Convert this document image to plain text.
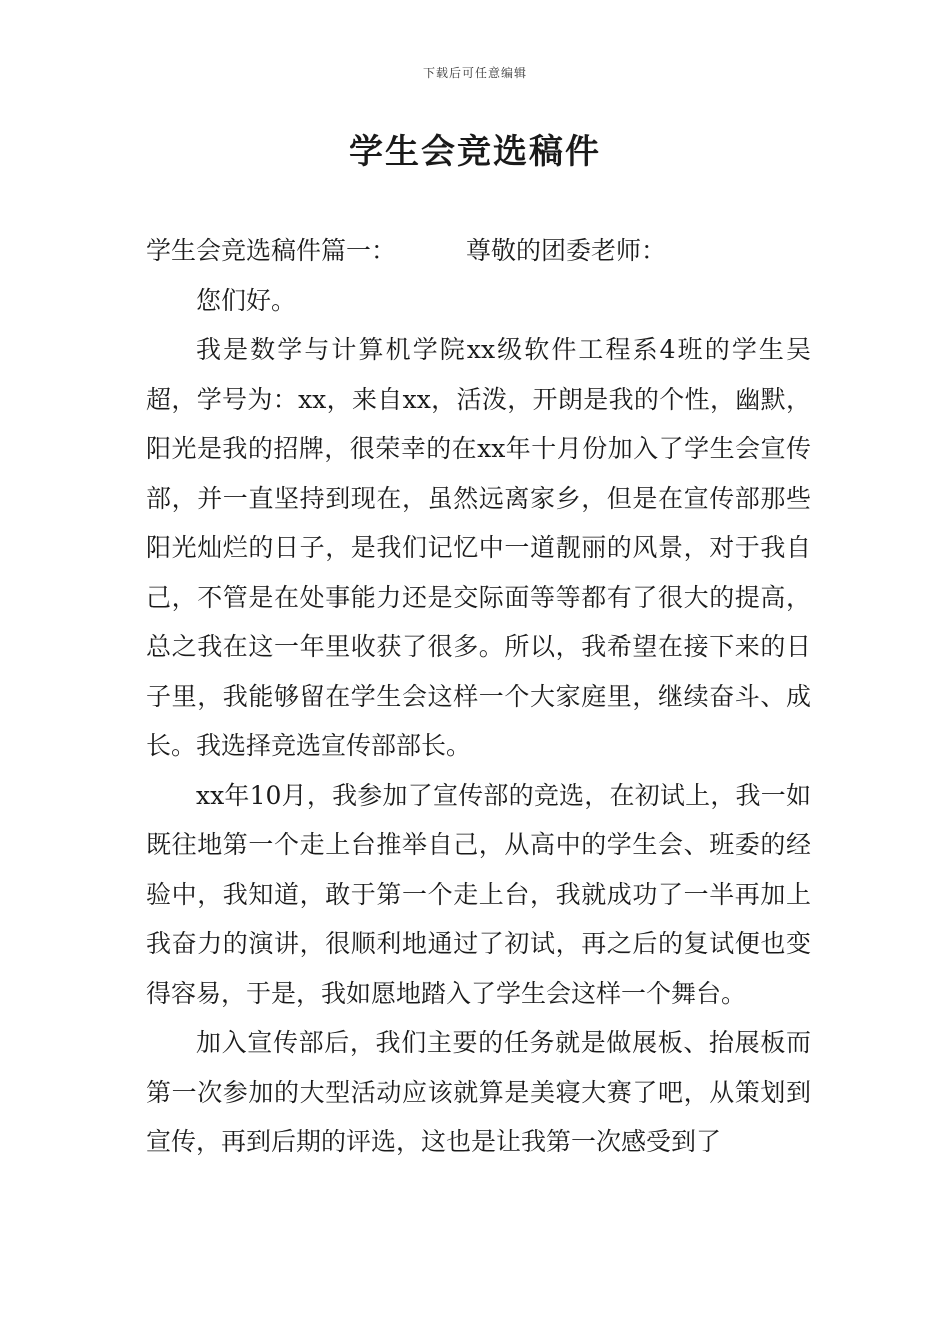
下载后可任意编辑
学生会竞选稿件

学生会竞选稿件篇一：	尊敬的团委老师：

您们好。

我是数学与计算机学院xx级软件工程系4班的学生吴超，学号为：xx，来自xx，活泼，开朗是我的个性，幽默，阳光是我的招牌，很荣幸的在xx年十月份加入了学生会宣传部，并一直坚持到现在，虽然远离家乡，但是在宣传部那些阳光灿烂的日子，是我们记忆中一道靓丽的风景，对于我自己，不管是在处事能力还是交际面等等都有了很大的提高，总之我在这一年里收获了很多。所以，我希望在接下来的日子里，我能够留在学生会这样一个大家庭里，继续奋斗、成长。我选择竞选宣传部部长。

xx年10月，我参加了宣传部的竞选，在初试上，我一如既往地第一个走上台推举自己，从高中的学生会、班委的经验中，我知道，敢于第一个走上台，我就成功了一半再加上我奋力的演讲，很顺利地通过了初试，再之后的复试便也变得容易，于是，我如愿地踏入了学生会这样一个舞台。

加入宣传部后，我们主要的任务就是做展板、抬展板而第一次参加的大型活动应该就算是美寝大赛了吧，从策划到宣传，再到后期的评选，这也是让我第一次感受到了
